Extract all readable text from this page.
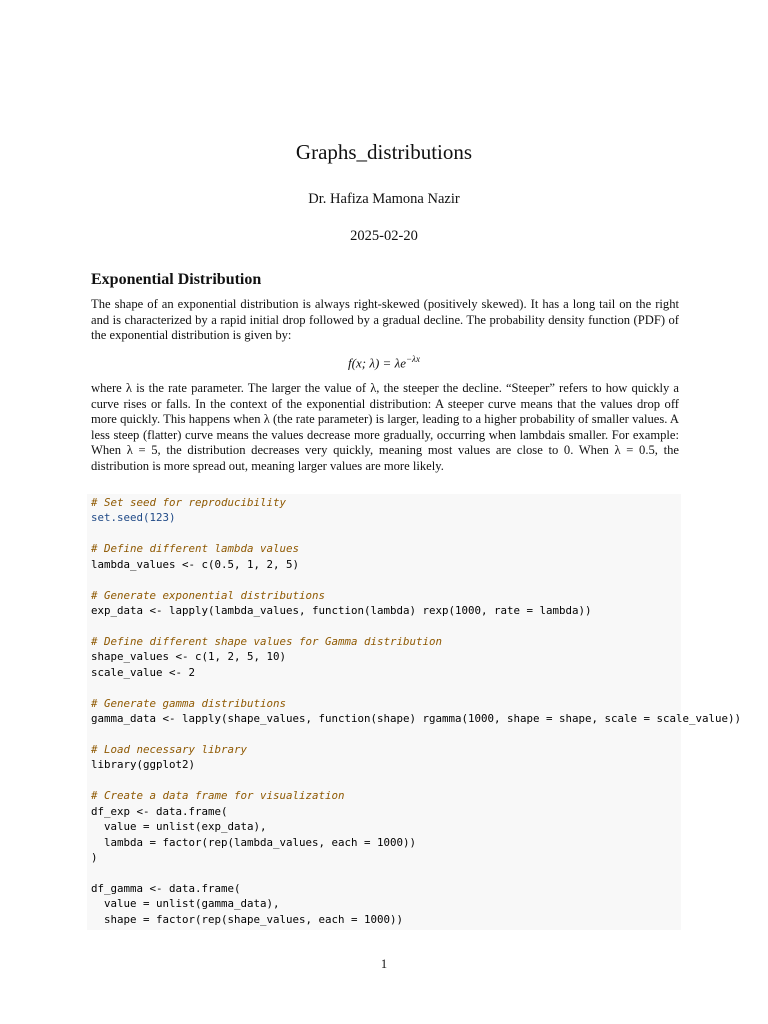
Graphs_distributions
Dr. Hafiza Mamona Nazir
2025-02-20
Exponential Distribution
The shape of an exponential distribution is always right-skewed (positively skewed). It has a long tail on the right and is characterized by a rapid initial drop followed by a gradual decline. The probability density function (PDF) of the exponential distribution is given by:
f(x; $\lambda) = \lambda e^{-\lambda x}$
where λ is the rate parameter. The larger the value of λ, the steeper the decline. “Steeper” refers to how quickly a curve rises or falls. In the context of the exponential distribution: A steeper curve means that the values drop off more quickly. This happens when λ (the rate parameter) is larger, leading to a higher probability of smaller values. A less steep (flatter) curve means the values decrease more gradually, occurring when lambdais smaller. For example: When λ = 5, the distribution decreases very quickly, meaning most values are close to 0. When λ = 0.5, the distribution is more spread out, meaning larger values are more likely.
# Set seed for reproducibility
set.seed(123)
# Define different lambda values
lambda_values <- c(0.5, 1, 2, 5)
# Generate exponential distributions
exp_data <- lapply(lambda_values, function(lambda) rexp(1000, rate = lambda))
# Define different shape values for Gamma distribution
shape_values <- c(1, 2, 5, 10)
scale_value <- 2
# Generate gamma distributions
gamma_data <- lapply(shape_values, function(shape) rgamma(1000, shape = shape, scale = scale_value))
# Load necessary library
library(ggplot2)
# Create a data frame for visualization
df_exp <- data.frame(
value = unlist(exp_data),
lambda = factor(rep(lambda_values, each = 1000))
)
df_gamma <- data.frame(
value = unlist(gamma_data),
shape = factor(rep(shape_values, each = 1000))
1
